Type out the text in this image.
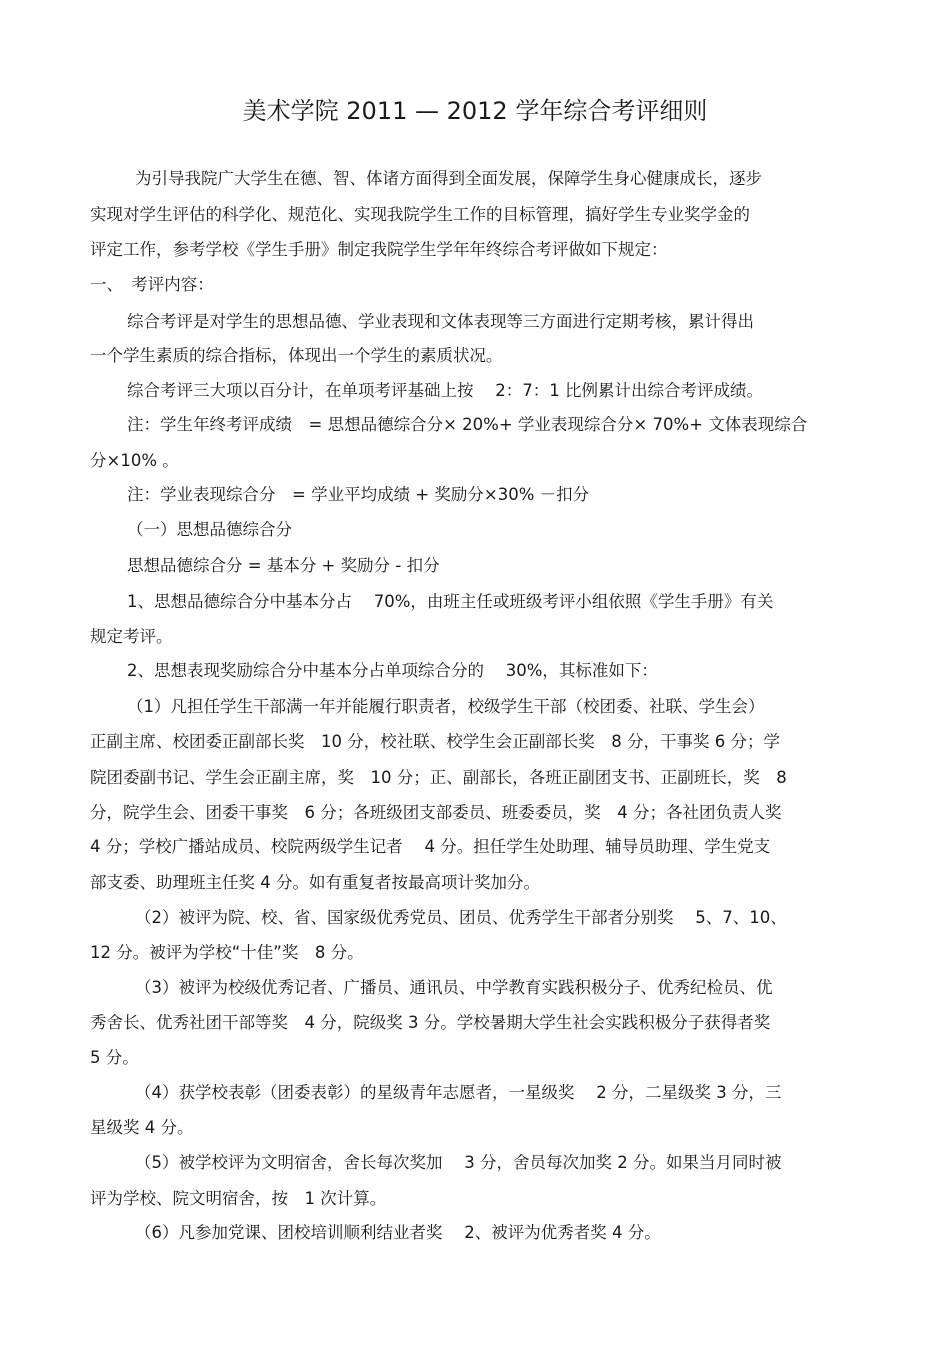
美术学院 2011 — 2012 学年综合考评细则
为引导我院广大学生在德、智、体诸方面得到全面发展，保障学生身心健康成长，逐步
实现对学生评估的科学化、规范化、实现我院学生工作的目标管理，搞好学生专业奖学金的
评定工作，参考学校《学生手册》制定我院学生学年年终综合考评做如下规定：
一、　考评内容：
综合考评是对学生的思想品德、学业表现和文体表现等三方面进行定期考核，累计得出
一个学生素质的综合指标，体现出一个学生的素质状况。
综合考评三大项以百分计，在单项考评基础上按　 2：7：1 比例累计出综合考评成绩。
注：学生年终考评成绩　= 思想品德综合分× 20%+ 学业表现综合分× 70%+ 文体表现综合
分×10% 。
注：学业表现综合分　= 学业平均成绩 + 奖励分×30% －扣分
（一）思想品德综合分
思想品德综合分 = 基本分 + 奖励分 - 扣分
1、思想品德综合分中基本分占　 70%，由班主任或班级考评小组依照《学生手册》有关
规定考评。
2、思想表现奖励综合分中基本分占单项综合分的　 30%，其标准如下：
（1）凡担任学生干部满一年并能履行职责者，校级学生干部（校团委、社联、学生会）
正副主席、校团委正副部长奖　10 分，校社联、校学生会正副部长奖　8 分，干事奖 6 分；学
院团委副书记、学生会正副主席，奖　10 分；正、副部长，各班正副团支书、正副班长，奖　8
分，院学生会、团委干事奖　6 分；各班级团支部委员、班委委员，奖　4 分；各社团负责人奖
4 分；学校广播站成员、校院两级学生记者　 4 分。担任学生处助理、辅导员助理、学生党支
部支委、助理班主任奖 4 分。如有重复者按最高项计奖加分。
（2）被评为院、校、省、国家级优秀党员、团员、优秀学生干部者分别奖　 5、7、10、
12 分。被评为学校“十佳”奖　8 分。
（3）被评为校级优秀记者、广播员、通讯员、中学教育实践积极分子、优秀纪检员、优
秀舍长、优秀社团干部等奖　4 分，院级奖 3 分。学校暑期大学生社会实践积极分子获得者奖
5 分。
（4）获学校表彰（团委表彰）的星级青年志愿者，一星级奖　 2 分，二星级奖 3 分，三
星级奖 4 分。
（5）被学校评为文明宿舍，舍长每次奖加　 3 分，舍员每次加奖 2 分。如果当月同时被
评为学校、院文明宿舍，按　1 次计算。
（6）凡参加党课、团校培训顺利结业者奖　 2、被评为优秀者奖 4 分。
